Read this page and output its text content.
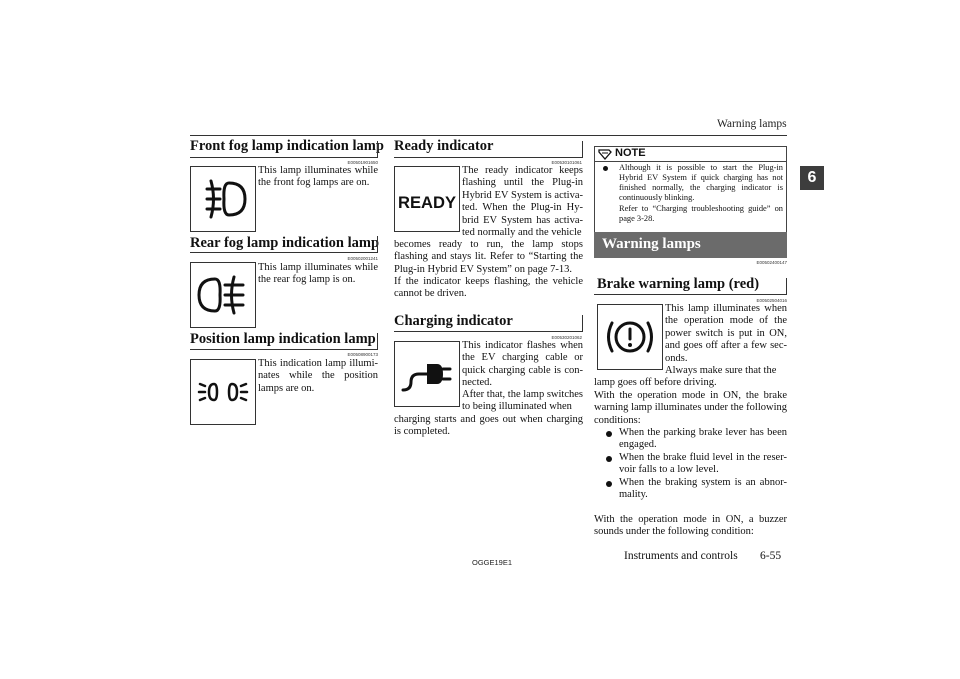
Warning lamps
6
Front fog lamp indication lamp
E00501901650
This lamp illuminates while the front fog lamps are on.
Rear fog lamp indication lamp
E00502001241
This lamp illuminates while the rear fog lamp is on.
Position lamp indication lamp
E00508900173
This indication lamp illumi-nates while the position lamps are on.
Ready indicator
E00530101061
READY
The ready indicator keeps flashing until the Plug-in Hybrid EV System is activa-ted. When the Plug-in Hy-brid EV System has activa-ted normally and the vehicle
becomes ready to run, the lamp stops flashing and stays lit. Refer to “Starting the Plug-in Hybrid EV System” on page 7-13.
If the indicator keeps flashing, the vehicle cannot be driven.
Charging indicator
E00530201062
This indicator flashes when the EV charging cable or quick charging cable is con-nected.
After that, the lamp switches to being illuminated when
charging starts and goes out when charging is completed.
NOTE
Although it is possible to start the Plug-in Hybrid EV System if quick charging has not finished normally, the charging indicator is continuously blinking.
Refer to “Charging troubleshooting guide” on page 3-28.
Warning lamps
E00502400147
Brake warning lamp (red)
E00502504016
This lamp illuminates when the operation mode of the power switch is put in ON, and goes off after a few sec-onds.
Always make sure that the
lamp goes off before driving.
With the operation mode in ON, the brake warning lamp illuminates under the following conditions:
When the parking brake lever has been engaged.
When the brake fluid level in the reser-voir falls to a low level.
When the braking system is an abnor-mality.
With the operation mode in ON, a buzzer sounds under the following condition:
OGGE19E1
Instruments and controls 6-55
